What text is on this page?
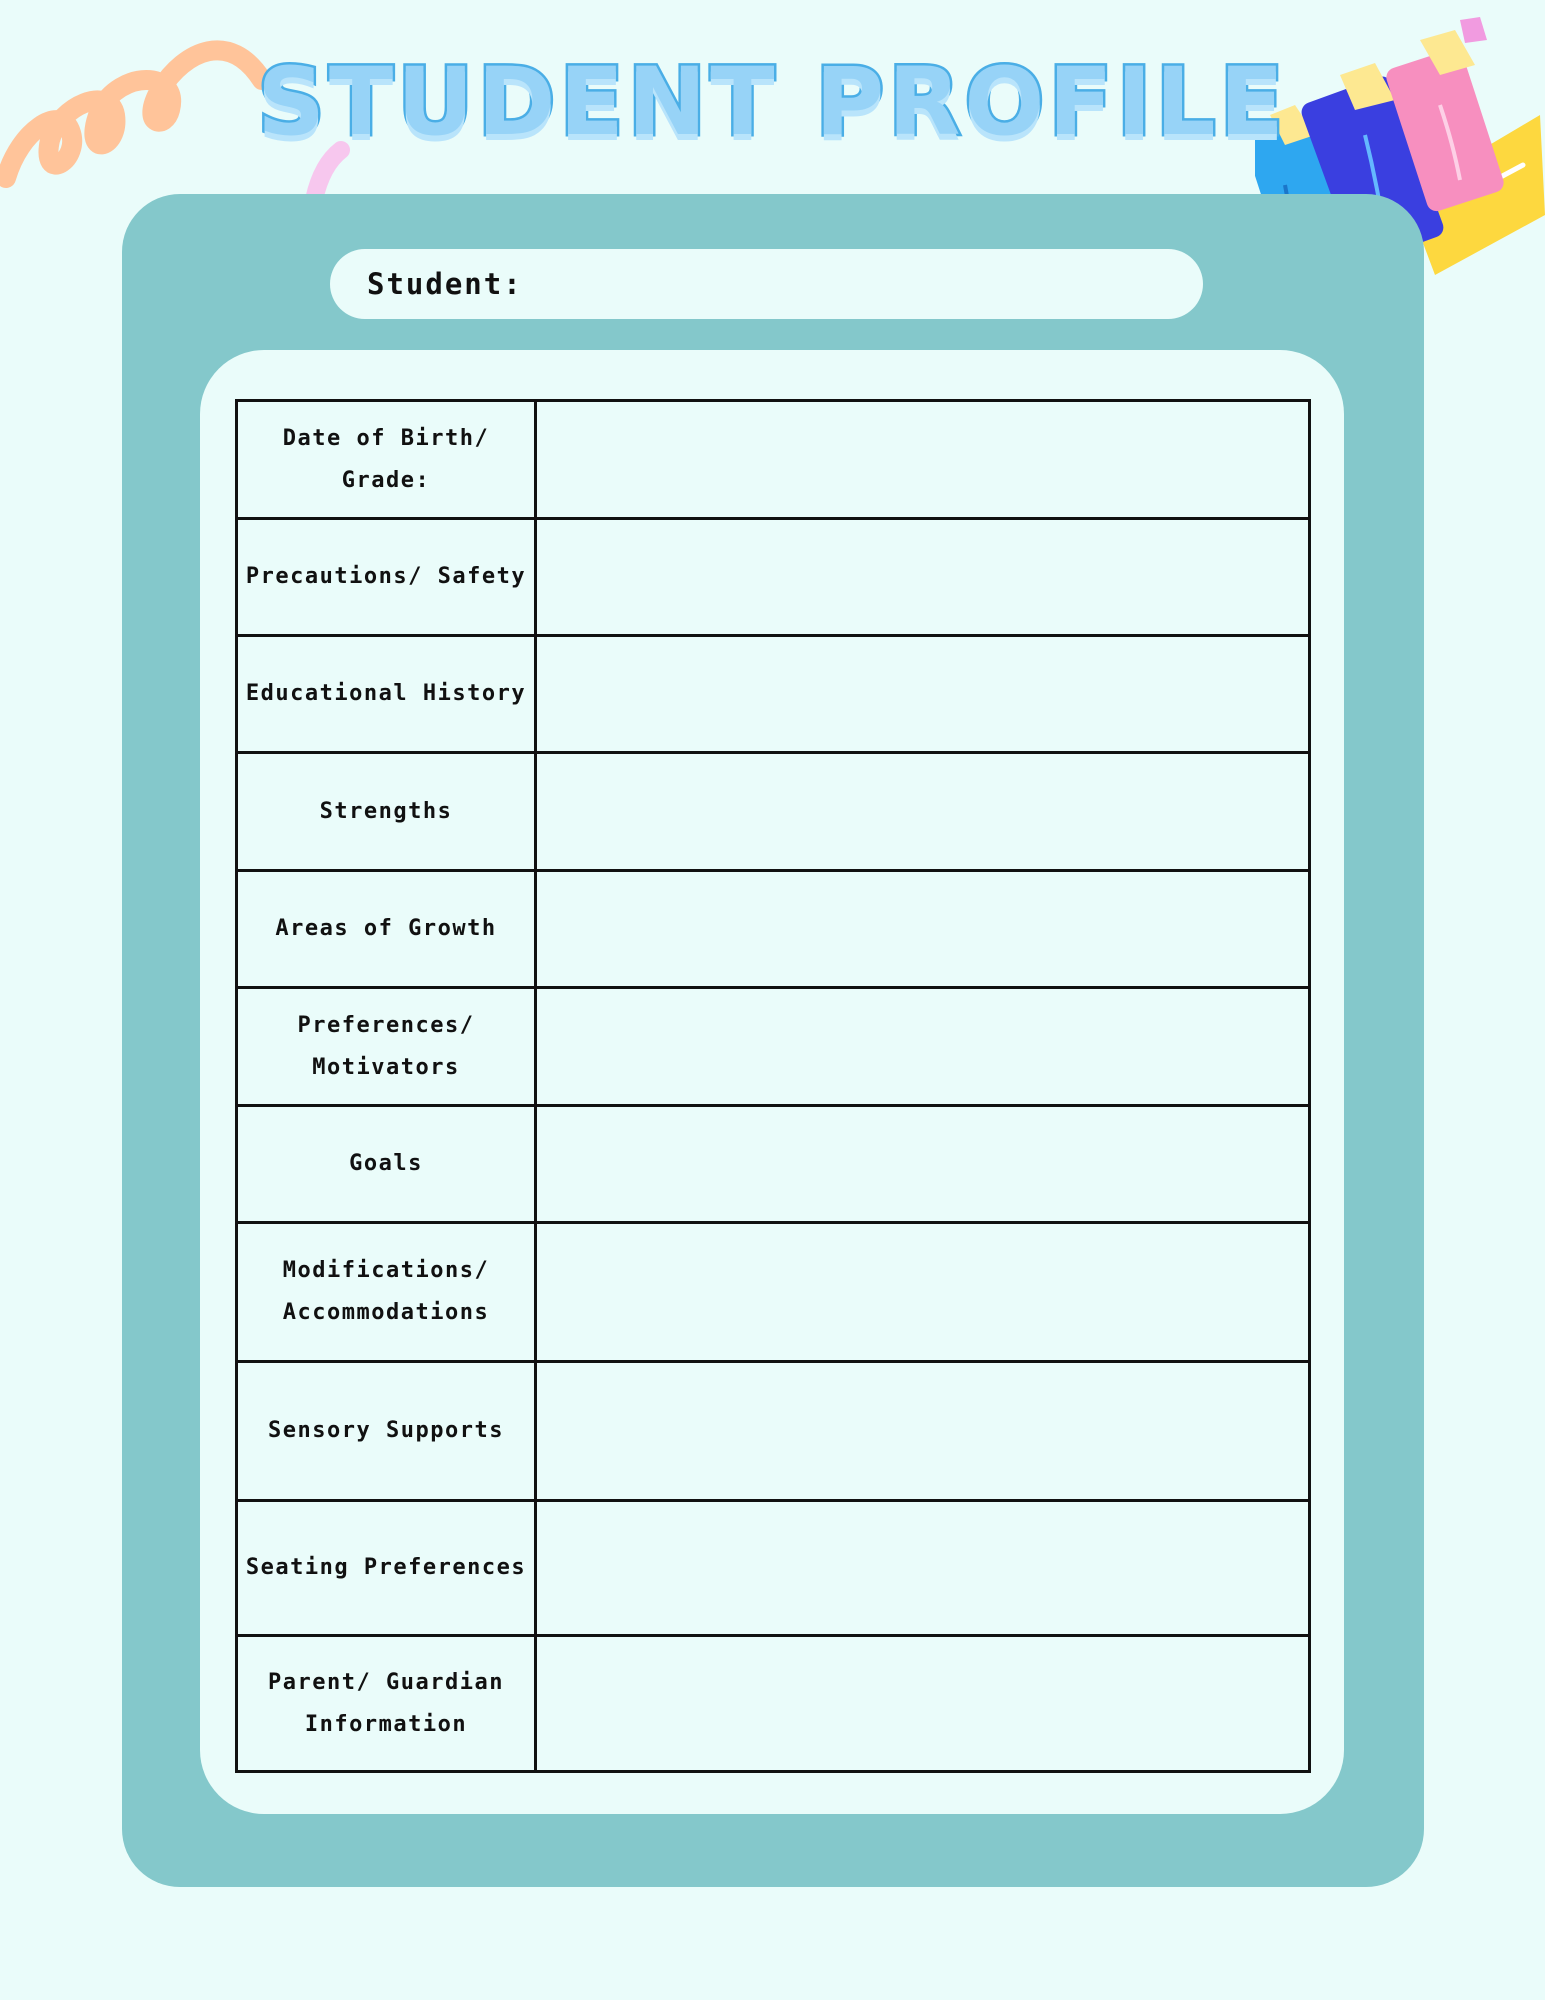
STUDENT PROFILE
Student:
Date of Birth/ Grade:	
Precautions/ Safety	
Educational History	
Strengths	
Areas of Growth	
Preferences/ Motivators	
Goals	
Modifications/ Accommodations	
Sensory Supports	
Seating Preferences	
Parent/ Guardian Information	
